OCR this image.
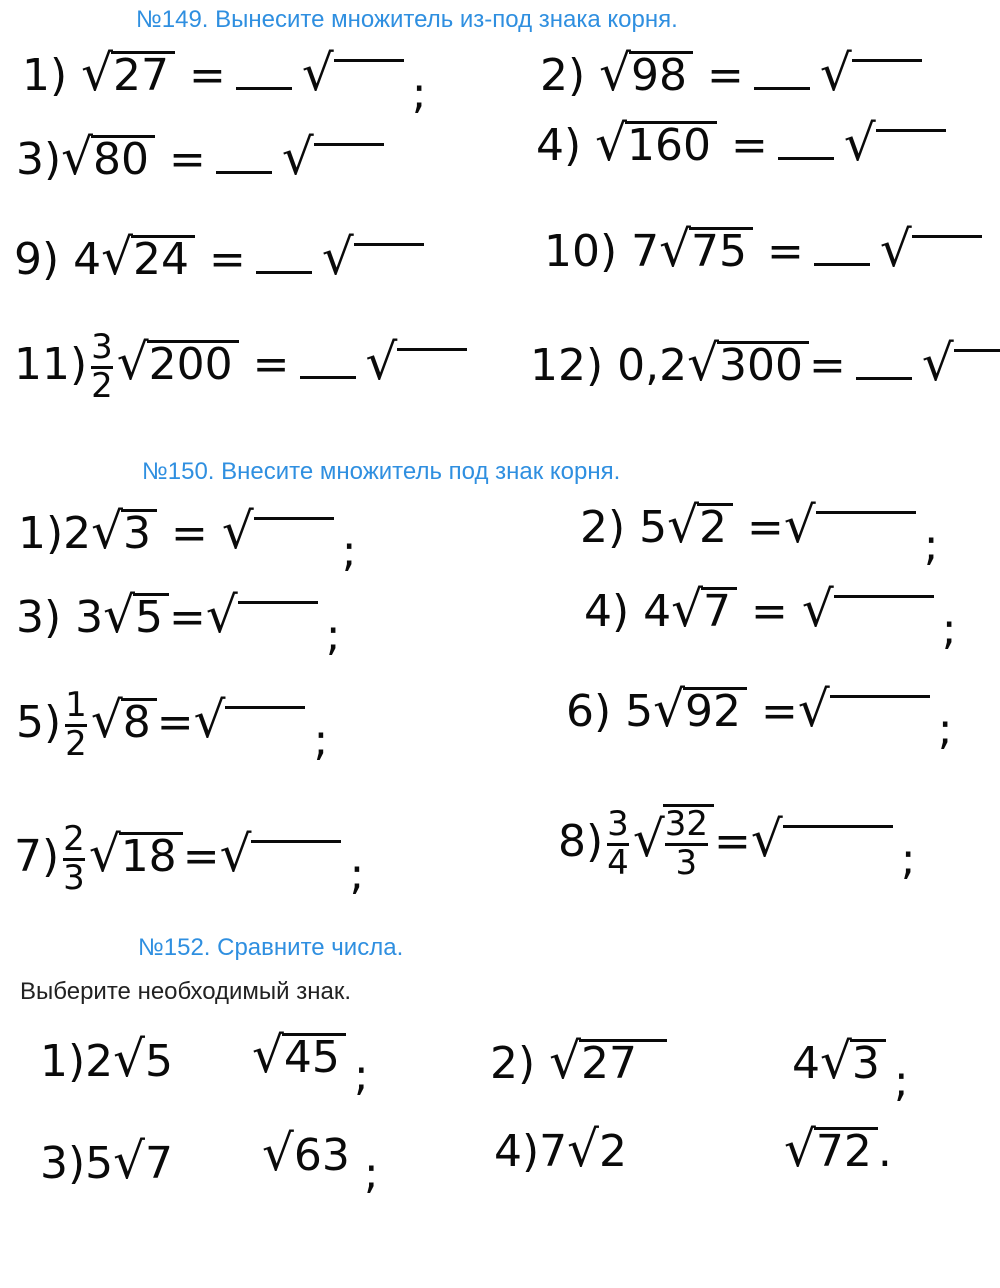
№149. Вынесите множитель из-под знака корня.
1) √27 = √ ;	2) √98 = √
3)√80 = √	4) √160 = √
9) 4√24 = √	10) 7√75 = √
$11) \frac{3}{2} √200$ = √	12) 0,2√300 = √
№150. Внесите множитель под знак корня.
1)2√3 = √ ;	2) 5√2 =√ ;
3) 3√5 =√ ;	4) 4√7 = √ ;
$5) \frac{1}{2} √8$ =√ ;
6) 5√92 =√ ;
$7) \frac{2}{3} √18$ =√ ;
$8) \frac{3}{4}$ √ $\frac{32}{3}$ =√	;
№152. Сравните числа.
Выберите необходимый знак.
1)2√5 √45 ;	2) √27	4√3 ;
3)5√7 √63 ;	4)7√2	√72 .
